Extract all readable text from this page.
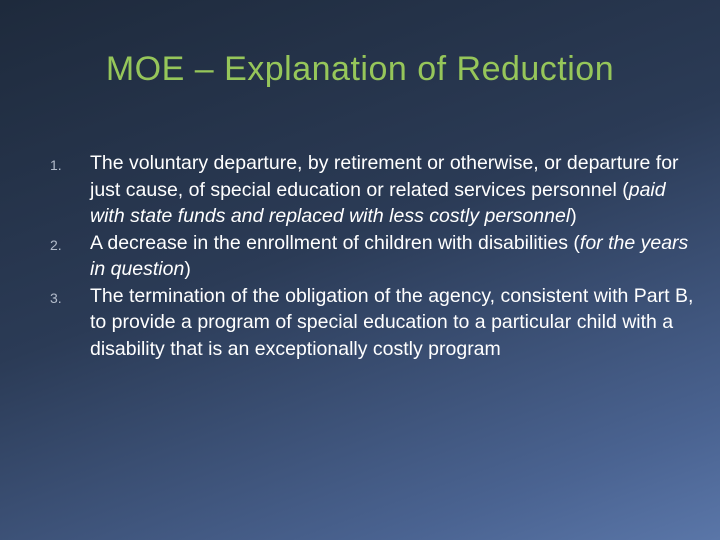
MOE – Explanation of Reduction
1.	The voluntary departure, by retirement or otherwise, or departure for just cause, of special education or related services personnel (paid with state funds and replaced with less costly personnel)
2.	A decrease in the enrollment of children with disabilities (for the years in question)
3.	The termination of the obligation of the agency, consistent with Part B, to provide a program of special education to a particular child with a disability that is an exceptionally costly program
